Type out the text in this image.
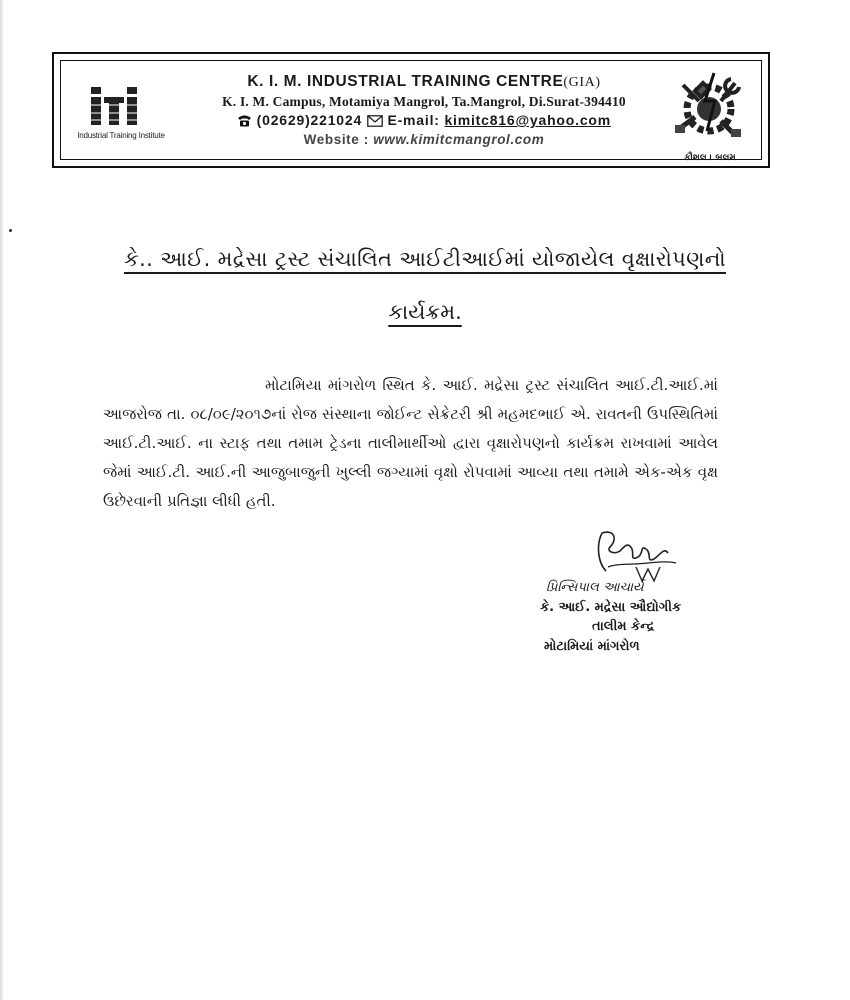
Industrial Training Institute
K. I. M. INDUSTRIAL TRAINING CENTRE(GIA)
K. I. M. Campus, Motamiya Mangrol, Ta.Mangrol, Di.Surat-394410
(02629)221024 E-mail: kimitc816@yahoo.com
Website : www.kimitcmangrol.com
કૌશલ । બલમ
કે.. આઈ. મદ્રેસા ટ્રસ્ટ સંચાલિત આઈટીઆઈમાં યોજાયેલ વૃક્ષારોપણનો
કાર્યક્રમ.
મોટામિયા માંગરોળ સ્થિત કે. આઈ. મદ્રેસા ટ્રસ્ટ સંચાલિત આઈ.ટી.આઈ.માં આજરોજ તા. ૦૮/૦૯/૨૦૧૭નાં રોજ સંસ્થાના જોઈન્ટ સેક્રેટરી શ્રી મહમદભાઈ એ. રાવતની ઉપસ્થિતિમાં આઈ.ટી.આઈ. ના સ્ટાફ તથા તમામ ટ્રેડના તાલીમાર્થીઓ દ્વારા વૃક્ષારોપણનો કાર્યક્રમ રાખવામાં આવેલ જેમાં આઈ.ટી. આઈ.ની આજુબાજુની ખુલ્લી જગ્યામાં વૃક્ષો રોપવામાં આવ્યા તથા તમામે એક-એક વૃક્ષ ઉછેરવાની પ્રતિજ્ઞા લીધી હતી.
પ્રિન્સિપાલ આચાર્ય
કે. આઈ. મદ્રેસા ઔદ્યોગીક
તાલીમ કેન્દ્ર
મોટામિયાં માંગરોળ
